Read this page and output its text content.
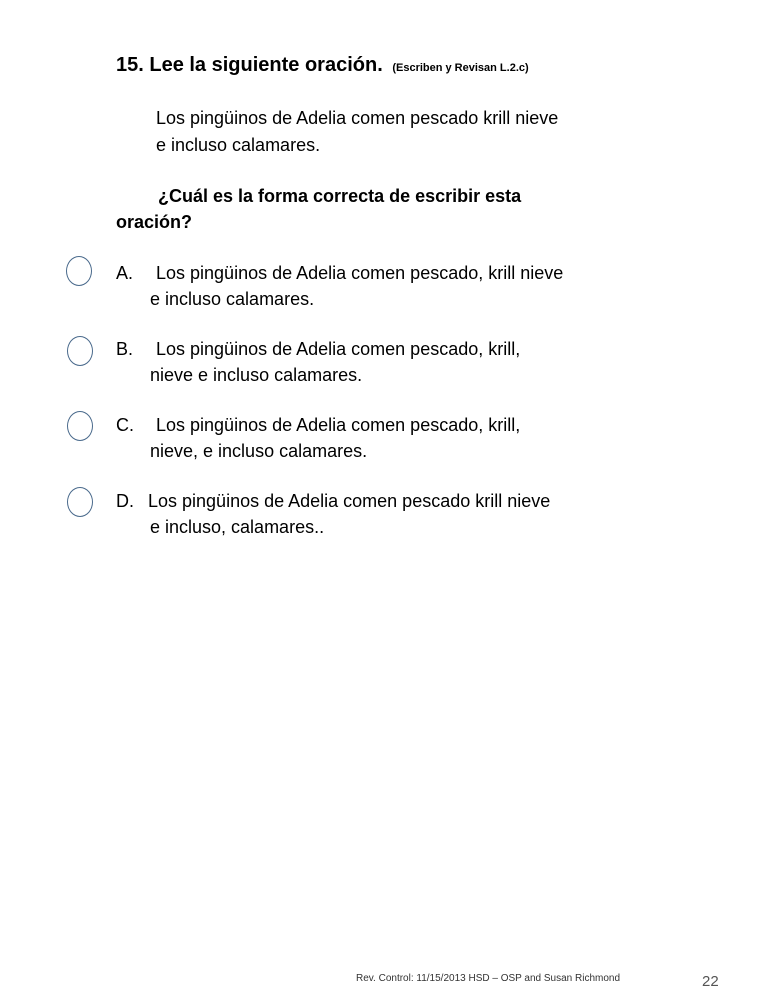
15. Lee la siguiente oración. (Escriben y Revisan L.2.c)
Los pingüinos de Adelia comen pescado krill nieve
e incluso calamares.
¿Cuál es la forma correcta de escribir esta
oración?
A. Los pingüinos de Adelia comen pescado, krill nieve
e incluso calamares.
B. Los pingüinos de Adelia comen pescado, krill,
nieve e incluso calamares.
C. Los pingüinos de Adelia comen pescado, krill,
nieve, e incluso calamares.
D. Los pingüinos de Adelia comen pescado krill nieve
e incluso, calamares..
Rev. Control: 11/15/2013 HSD – OSP and Susan Richmond	22
